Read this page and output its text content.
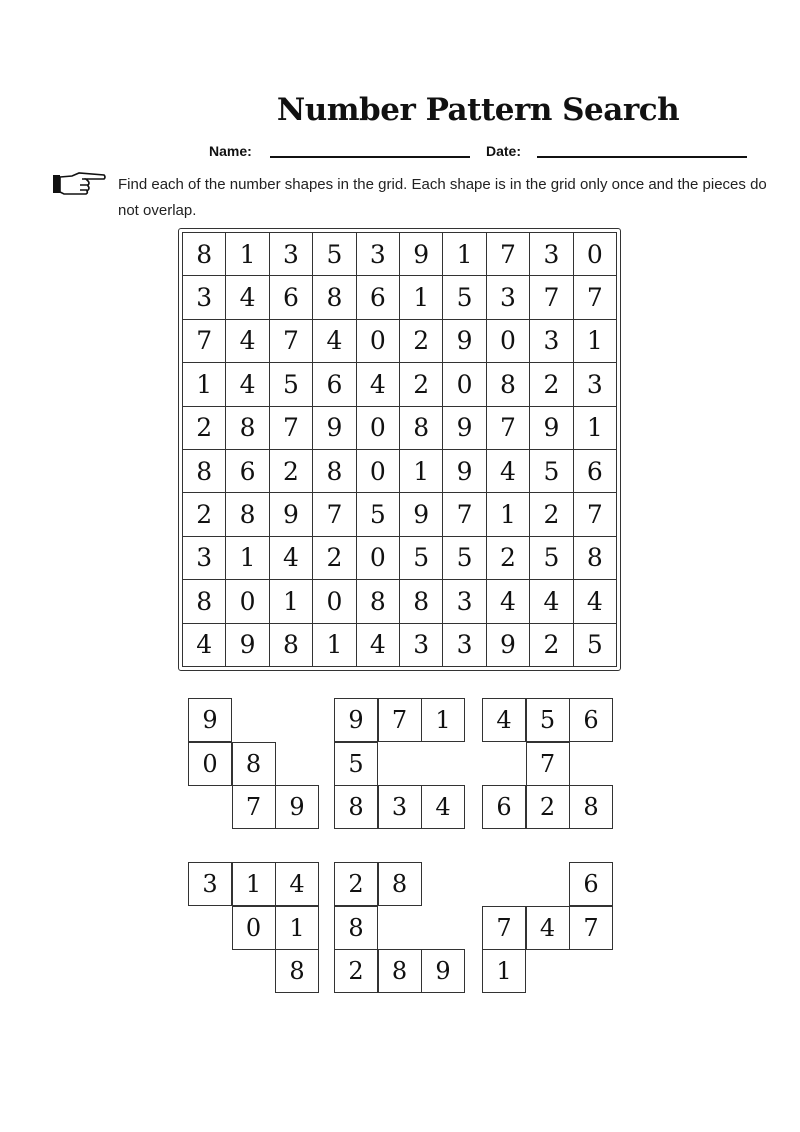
Number Pattern Search
Name:	Date:
Find each of the number shapes in the grid. Each shape is in the grid only once and the pieces do not overlap.
8	1	3	5	3	9	1	7	3	0
3	4	6	8	6	1	5	3	7	7
7	4	7	4	0	2	9	0	3	1
1	4	5	6	4	2	0	8	2	3
2	8	7	9	0	8	9	7	9	1
8	6	2	8	0	1	9	4	5	6
2	8	9	7	5	9	7	1	2	7
3	1	4	2	0	5	5	2	5	8
8	0	1	0	8	8	3	4	4	4
4	9	8	1	4	3	3	9	2	5
9
0	8
7	9
9	7	1
5
8	3	4
4	5	6
7
6	2	8
3	1	4
0	1
8
2	8
8
2	8	9
6
7	4	7
1
